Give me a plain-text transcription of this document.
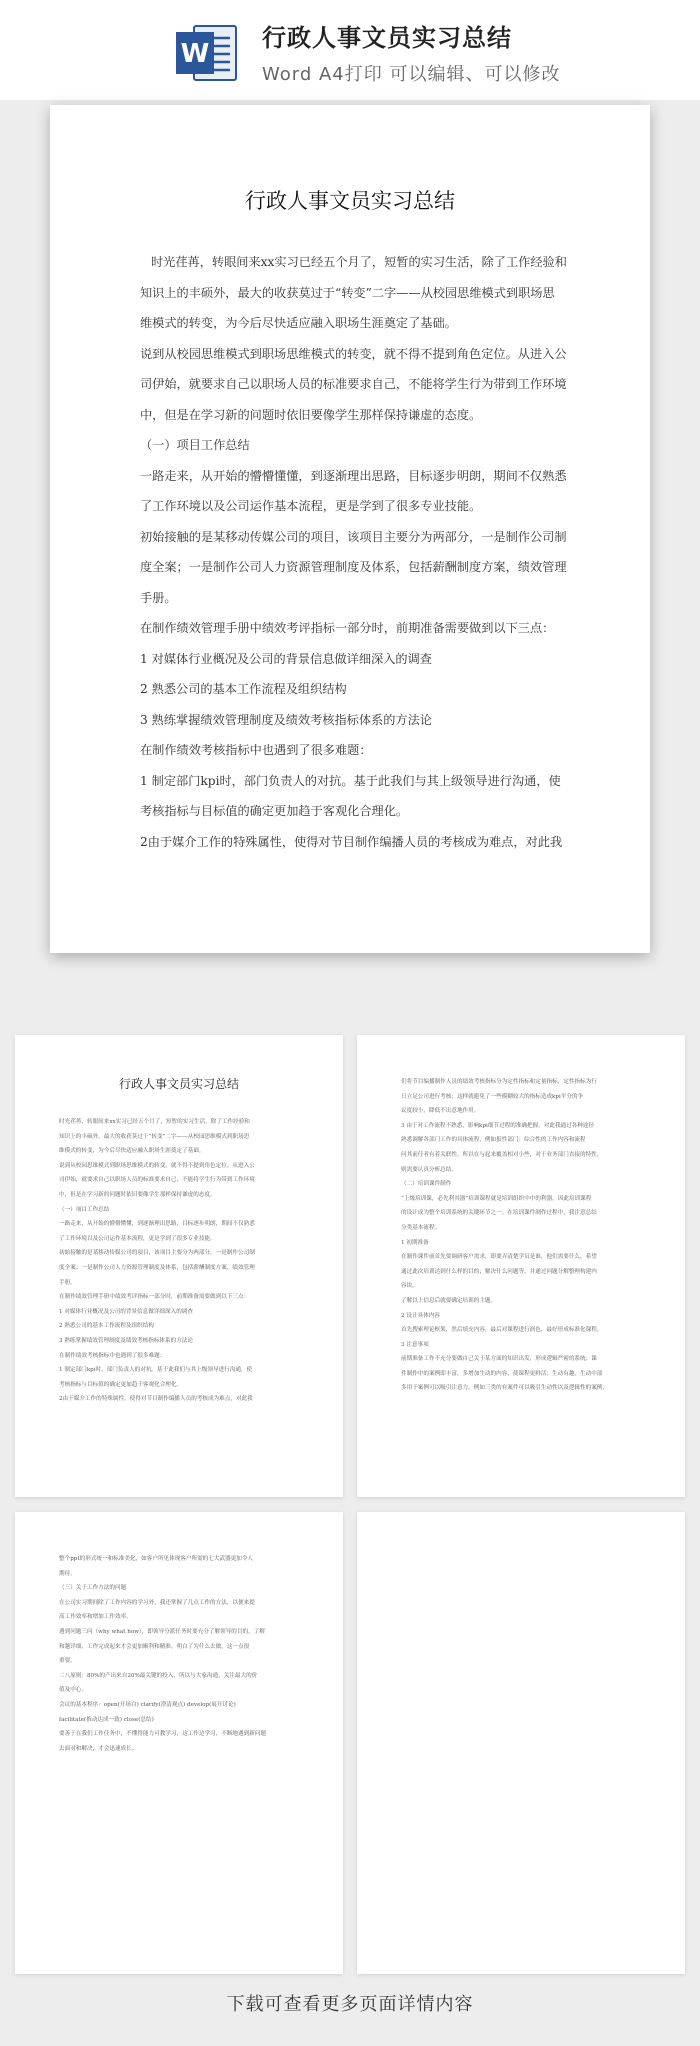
W
行政人事文员实习总结
Word A4打印 可以编辑、可以修改
行政人事文员实习总结

时光荏苒，转眼间来xx实习已经五个月了，短暂的实习生活，除了工作经验和

知识上的丰硕外，最大的收获莫过于“转变”二字——从校园思维模式到职场思

维模式的转变，为今后尽快适应融入职场生涯奠定了基础。

说到从校园思维模式到职场思维模式的转变，就不得不提到角色定位。从进入公

司伊始，就要求自己以职场人员的标准要求自己，不能将学生行为带到工作环境

中，但是在学习新的问题时依旧要像学生那样保持谦虚的态度。

（一）项目工作总结

一路走来，从开始的懵懵懂懂，到逐渐理出思路，目标逐步明朗，期间不仅熟悉

了工作环境以及公司运作基本流程，更是学到了很多专业技能。

初始接触的是某移动传媒公司的项目，该项目主要分为两部分，一是制作公司制

度全案；一是制作公司人力资源管理制度及体系，包括薪酬制度方案，绩效管理

手册。

在制作绩效管理手册中绩效考评指标一部分时，前期准备需要做到以下三点：

1 对媒体行业概况及公司的背景信息做详细深入的调查

2 熟悉公司的基本工作流程及组织结构

3 熟练掌握绩效管理制度及绩效考核指标体系的方法论

在制作绩效考核指标中也遇到了很多难题：

1 制定部门kpi时，部门负责人的对抗。基于此我们与其上级领导进行沟通，使

考核指标与目标值的确定更加趋于客观化合理化。

2由于媒介工作的特殊属性，使得对节目制作编播人员的考核成为难点，对此我

行政人事文员实习总结

时光荏苒，转眼间来xx实习已经五个月了，短暂的实习生活，除了工作经验和

知识上的丰硕外，最大的收获莫过于“转变”二字——从校园思维模式到职场思

维模式的转变，为今后尽快适应融入职场生涯奠定了基础。

说到从校园思维模式到职场思维模式的转变，就不得不提到角色定位。从进入公

司伊始，就要求自己以职场人员的标准要求自己，不能将学生行为带到工作环境

中，但是在学习新的问题时依旧要像学生那样保持谦虚的态度。

（一）项目工作总结

一路走来，从开始的懵懵懂懂，到逐渐理出思路，目标逐步明朗，期间不仅熟悉

了工作环境以及公司运作基本流程，更是学到了很多专业技能。

初始接触的是某移动传媒公司的项目，该项目主要分为两部分，一是制作公司制

度全案；一是制作公司人力资源管理制度及体系，包括薪酬制度方案，绩效管理

手册。

在制作绩效管理手册中绩效考评指标一部分时，前期准备需要做到以下三点：

1 对媒体行业概况及公司的背景信息做详细深入的调查

2 熟悉公司的基本工作流程及组织结构

3 熟练掌握绩效管理制度及绩效考核指标体系的方法论

在制作绩效考核指标中也遇到了很多难题：

1 制定部门kpi时，部门负责人的对抗。基于此我们与其上级领导进行沟通，使

考核指标与目标值的确定更加趋于客观化合理化。

2由于媒介工作的特殊属性，使得对节目制作编播人员的考核成为难点，对此我

们将节目编播制作人员的绩效考核指标分为定性指标和定量指标，定性指标为行

日立足公司进行考核；这样就避免了一些模糊较大的指标造成kpi平分的争

议度较小，降低不出意地作用。

3 由于对工作流程不熟悉，影响kpi细节过程的准确把握。对此我通过各种途径

熟悉调解各部门工作的具体流程，例如报性部门：综合性的工作内容和流程

问其前任者有着关联性，所以在与起来覆盖相对小些，对于业务部门直接的特性，

则需要认真分析总结。

（二）培训课件制作

“上级培训课，必先利其器”培训课程就是培训组织中中的利器，因此培训课程

的设计成为整个培训系统的关键环节之一。在培训课件制作过程中，我注意总结

分类基本流程。

1 初期准备

在制作课件前首先要调研客户需求，即要弄清楚学员是谁，他们需要什么，希望

通过此次培训达到什么样的目的；解决什么问题等，并通过问题分解整理构建内

容块。

了解以上信息后就要确定培训的主题。

2 设计具体内容

首先搜索理论框架，然后填充内容，最后对课程进行润色，最好形成标准化课程。

3 注意事项

前期准备工作不充分要做自己关于某方面的知识出发，形成逻辑严密的系统；课

件制作中的案例即丰富，多增加生动的内容，使课程更鲜活；生动有趣，生动中部

多用于案例可以吸引注意力，例如三类的有案件可以吸引生动性以及逻辑性的案例；

整个ppt的形式统一和标准美化，如客户所见体现客户所需的七大武器更加令人

期待。

（三）关于工作方法的问题

在公司实习期间除了工作内容的学习外，我还掌握了几点工作的方法，以便来提

高工作效率和增加工作效率。

遇到问题三问（why what how），即领导分派任务时要充分了解领导的目的，了解

和越详细，工作完成起来才会更加顺利和精准。明白了为什么去做，这一点很

重要。

二八原则：80%的产出来自20%最关键的投入，所以与大家沟通，关注最大的价

值及中心。

会议的基本程序：open(开场白) clarify(澄清观点) develop(展开讨论)

facilitate(推动达成一致) close(总结)

要善于在我们工作任务中，不懂得能力可教学习，这工作边学习，不断地遇到新问题

去面对和解决，才会迅速成长。

下载可查看更多页面详情内容
